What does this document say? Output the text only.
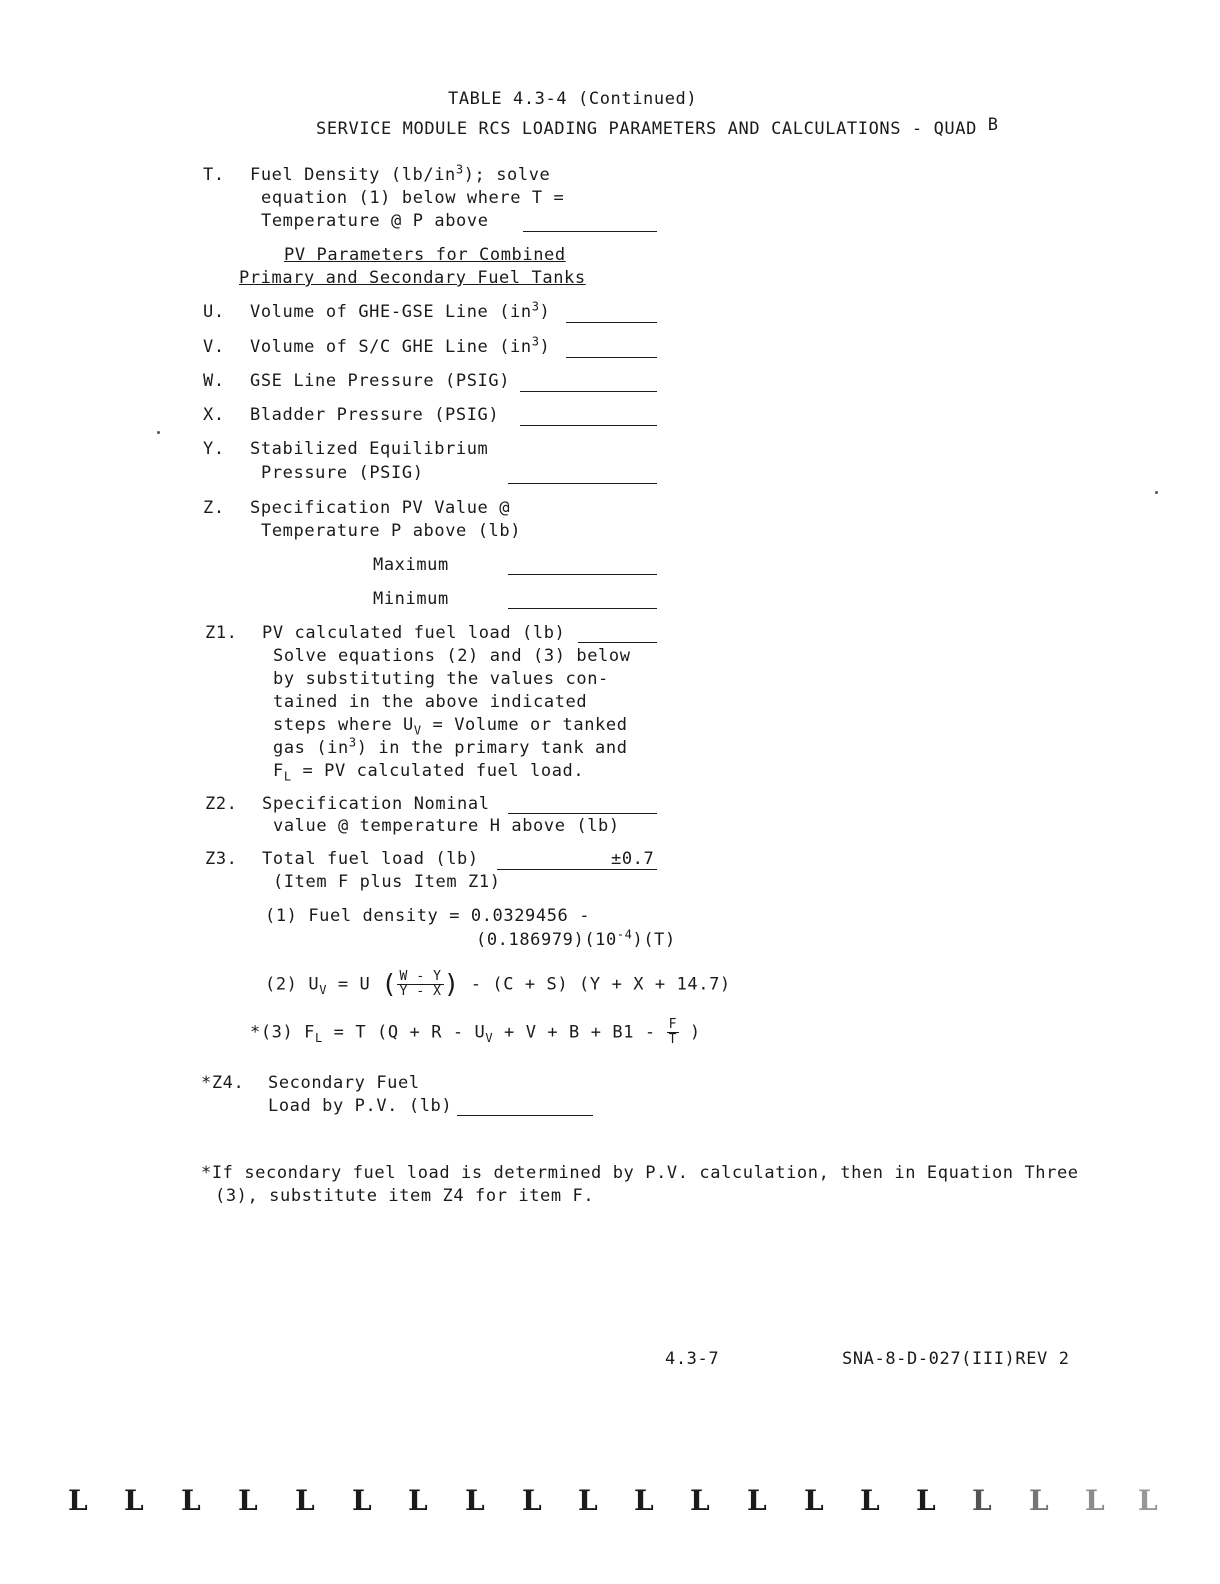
TABLE 4.3-4 (Continued)
SERVICE MODULE RCS LOADING PARAMETERS AND CALCULATIONS - QUAD B
T. Fuel Density $(lb/in^3)$; solve
equation (1) below where T =
Temperature @ P above
PV Parameters for Combined
Primary and Secondary Fuel Tanks
U. Volume of GHE-GSE Line $(in^3)$
V. Volume of S/C GHE Line $(in^3)$
W. GSE Line Pressure (PSIG)
X. Bladder Pressure (PSIG)
Y. Stabilized Equilibrium
Pressure (PSIG)
Z. Specification PV Value @
Temperature P above (lb)
Maximum
Minimum
Z1. PV calculated fuel load (lb)
Solve equations (2) and (3) below
by substituting the values con-
tained in the above indicated
steps where $U_V$ = Volume or tanked
gas $(in^3)$ in the primary tank and
$F_L$ = PV calculated fuel load.
Z2. Specification Nominal
value @ temperature H above (lb)
Z3. Total fuel load (lb)	±0.7
(Item F plus Item Z1)
(1) Fuel density = 0.0329456 -
$(0.186979)(10^{-4})(T)$
(2) $U_V = U$ ( $\frac{W - Y}{Y - X}$ ) - (C + S) (Y + X + 14.7)
*(3) $F_L = T$ ($Q + R - U_V + V + B + B1 - \frac{F}{T}$ )
*Z4. Secondary Fuel
Load by P.V. (lb)
*If secondary fuel load is determined by P.V. calculation, then in Equation Three
(3), substitute item Z4 for item F.
4.3-7	SNA-8-D-027(III)REV 2
L L L L L L L L L L L L L L L L L L L L
